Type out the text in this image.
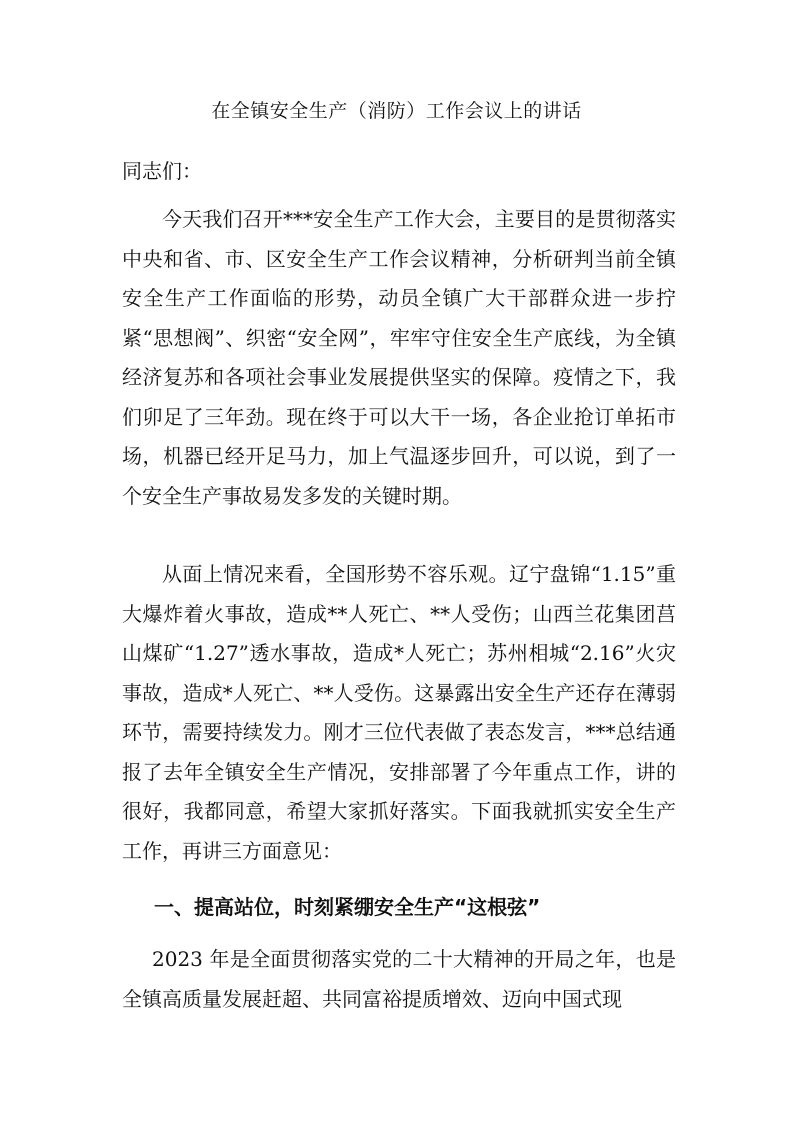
在全镇安全生产（消防）工作会议上的讲话

同志们：

今天我们召开***安全生产工作大会，主要目的是贯彻落实中央和省、市、区安全生产工作会议精神，分析研判当前全镇安全生产工作面临的形势，动员全镇广大干部群众进一步拧紧“思想阀”、织密“安全网”，牢牢守住安全生产底线，为全镇经济复苏和各项社会事业发展提供坚实的保障。疫情之下，我们卯足了三年劲。现在终于可以大干一场，各企业抢订单拓市场，机器已经开足马力，加上气温逐步回升，可以说，到了一个安全生产事故易发多发的关键时期。

从面上情况来看，全国形势不容乐观。辽宁盘锦“1.15”重大爆炸着火事故，造成**人死亡、**人受伤；山西兰花集团莒山煤矿“1.27”透水事故，造成*人死亡；苏州相城“2.16”火灾事故，造成*人死亡、**人受伤。这暴露出安全生产还存在薄弱环节，需要持续发力。刚才三位代表做了表态发言，***总结通报了去年全镇安全生产情况，安排部署了今年重点工作，讲的很好，我都同意，希望大家抓好落实。下面我就抓实安全生产工作，再讲三方面意见：

一、提高站位，时刻紧绷安全生产“这根弦”

2023 年是全面贯彻落实党的二十大精神的开局之年，也是全镇高质量发展赶超、共同富裕提质增效、迈向中国式现
